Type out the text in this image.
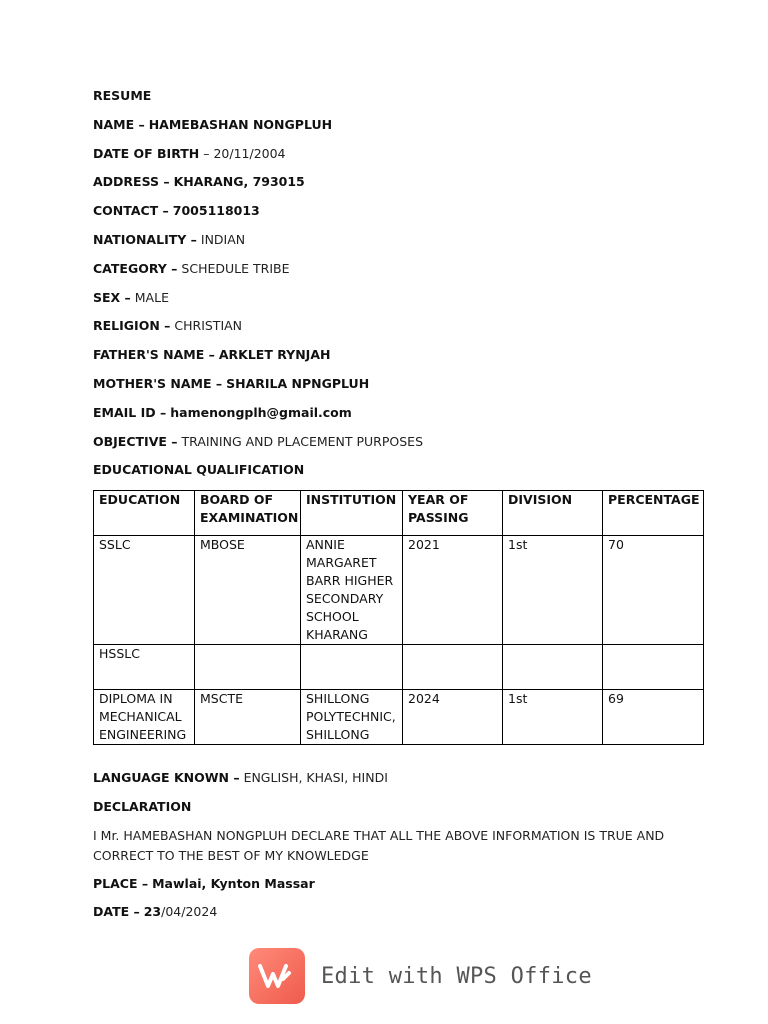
RESUME
NAME – HAMEBASHAN NONGPLUH
DATE OF BIRTH – 20/11/2004
ADDRESS – KHARANG, 793015
CONTACT – 7005118013
NATIONALITY – INDIAN
CATEGORY – SCHEDULE TRIBE
SEX – MALE
RELIGION – CHRISTIAN
FATHER'S NAME – ARKLET RYNJAH
MOTHER'S NAME – SHARILA NPNGPLUH
EMAIL ID – hamenongplh@gmail.com
OBJECTIVE – TRAINING AND PLACEMENT PURPOSES
EDUCATIONAL QUALIFICATION
EDUCATION	BOARD OF EXAMINATION	INSTITUTION	YEAR OF PASSING	DIVISION	PERCENTAGE
SSLC	MBOSE	ANNIE MARGARET BARR HIGHER SECONDARY SCHOOL KHARANG	2021	1st	70
HSSLC					
DIPLOMA IN MECHANICAL ENGINEERING	MSCTE	SHILLONG POLYTECHNIC, SHILLONG	2024	1st	69
LANGUAGE KNOWN – ENGLISH, KHASI, HINDI
DECLARATION
I Mr. HAMEBASHAN NONGPLUH DECLARE THAT ALL THE ABOVE INFORMATION IS TRUE AND CORRECT TO THE BEST OF MY KNOWLEDGE
PLACE – Mawlai, Kynton Massar
DATE – 23/04/2024
Edit with WPS Office
